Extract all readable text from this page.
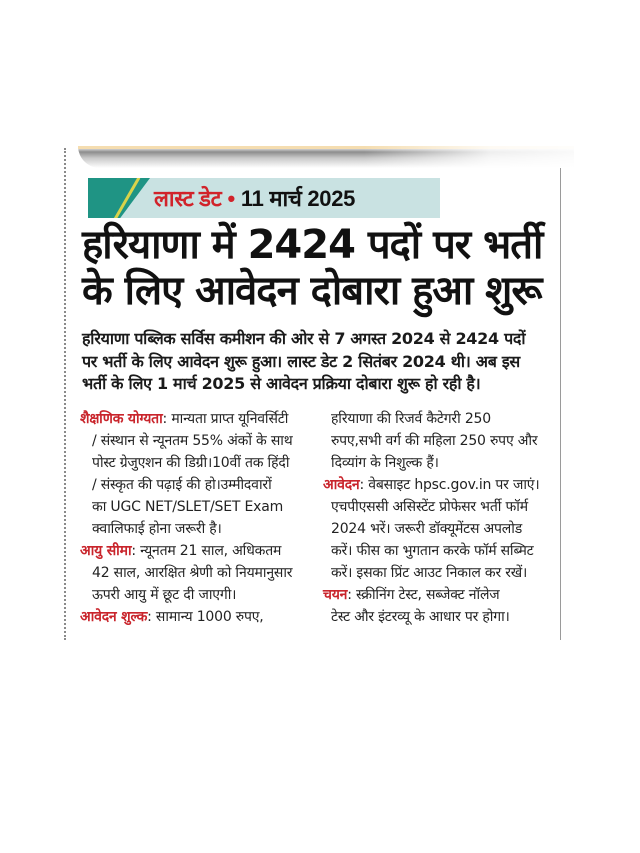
लास्ट डेट • 11 मार्च 2025
हरियाणा में 2424 पदों पर भर्ती
के लिए आवेदन दोबारा हुआ शुरू
हरियाणा पब्लिक सर्विस कमीशन की ओर से 7 अगस्त 2024 से 2424 पदों
पर भर्ती के लिए आवेदन शुरू हुआ। लास्ट डेट 2 सितंबर 2024 थी। अब इस
भर्ती के लिए 1 मार्च 2025 से आवेदन प्रक्रिया दोबारा शुरू हो रही है।

शैक्षणिक योग्यता: मान्यता प्राप्त यूनिवर्सिटी
/ संस्थान से न्यूनतम 55% अंकों के साथ
पोस्ट ग्रेजुएशन की डिग्री।10वीं तक हिंदी
/ संस्कृत की पढ़ाई की हो।उम्मीदवारों
का UGC NET/SLET/SET Exam
क्वालिफाई होना जरूरी है।

आयु सीमा: न्यूनतम 21 साल, अधिकतम
42 साल, आरक्षित श्रेणी को नियमानुसार
ऊपरी आयु में छूट दी जाएगी।

आवेदन शुल्क: सामान्य 1000 रुपए,

हरियाणा की रिजर्व कैटेगरी 250
रुपए,सभी वर्ग की महिला 250 रुपए और
दिव्यांग के निशुल्क हैं।

आवेदन: वेबसाइट hpsc.gov.in पर जाएं।
एचपीएससी असिस्टेंट प्रोफेसर भर्ती फॉर्म
2024 भरें। जरूरी डॉक्यूमेंटस अपलोड
करें। फीस का भुगतान करके फॉर्म सब्मिट
करें। इसका प्रिंट आउट निकाल कर रखें।

चयन: स्क्रीनिंग टेस्ट, सब्जेक्ट नॉलेज
टेस्ट और इंटरव्यू के आधार पर होगा।
